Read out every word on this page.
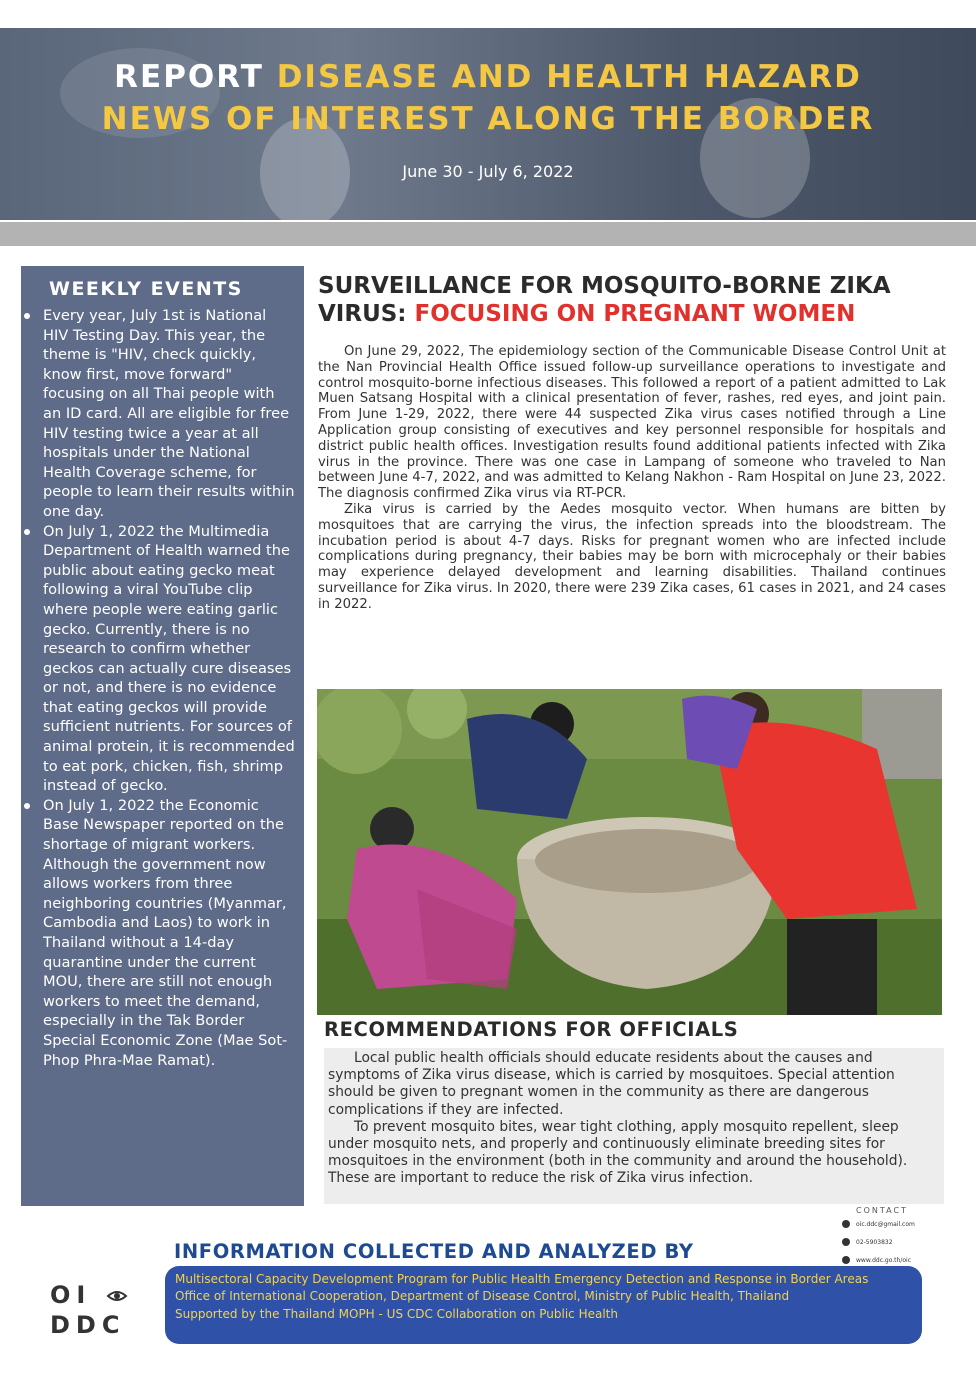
REPORT DISEASE AND HEALTH HAZARD
NEWS OF INTEREST ALONG THE BORDER
June 30 - July 6, 2022
WEEKLY EVENTS
Every year, July 1st is National HIV Testing Day. This year, the theme is "HIV, check quickly, know first, move forward" focusing on all Thai people with an ID card. All are eligible for free HIV testing twice a year at all hospitals under the National Health Coverage scheme, for people to learn their results within one day.
On July 1, 2022 the Multimedia Department of Health warned the public about eating gecko meat following a viral YouTube clip where people were eating garlic gecko. Currently, there is no research to confirm whether geckos can actually cure diseases or not, and there is no evidence that eating geckos will provide sufficient nutrients. For sources of animal protein, it is recommended to eat pork, chicken, fish, shrimp instead of gecko.
On July 1, 2022 the Economic Base Newspaper reported on the shortage of migrant workers. Although the government now allows workers from three neighboring countries (Myanmar, Cambodia and Laos) to work in Thailand without a 14-day quarantine under the current MOU, there are still not enough workers to meet the demand, especially in the Tak Border Special Economic Zone (Mae Sot-Phop Phra-Mae Ramat).
SURVEILLANCE FOR MOSQUITO-BORNE ZIKA VIRUS: FOCUSING ON PREGNANT WOMEN

On June 29, 2022, The epidemiology section of the Communicable Disease Control Unit at the Nan Provincial Health Office issued follow-up surveillance operations to investigate and control mosquito-borne infectious diseases. This followed a report of a patient admitted to Lak Muen Satsang Hospital with a clinical presentation of fever, rashes, red eyes, and joint pain. From June 1-29, 2022, there were 44 suspected Zika virus cases notified through a Line Application group consisting of executives and key personnel responsible for hospitals and district public health offices. Investigation results found additional patients infected with Zika virus in the province. There was one case in Lampang of someone who traveled to Nan between June 4-7, 2022, and was admitted to Kelang Nakhon - Ram Hospital on June 23, 2022. The diagnosis confirmed Zika virus via RT-PCR.

Zika virus is carried by the Aedes mosquito vector. When humans are bitten by mosquitoes that are carrying the virus, the infection spreads into the bloodstream. The incubation period is about 4-7 days. Risks for pregnant women who are infected include complications during pregnancy, their babies may be born with microcephaly or their babies may experience delayed development and learning disabilities. Thailand continues surveillance for Zika virus. In 2020, there were 239 Zika cases, 61 cases in 2021, and 24 cases in 2022.

RECOMMENDATIONS FOR OFFICIALS

Local public health officials should educate residents about the causes and symptoms of Zika virus disease, which is carried by mosquitoes. Special attention should be given to pregnant women in the community as there are dangerous complications if they are infected.

To prevent mosquito bites, wear tight clothing, apply mosquito repellent, sleep under mosquito nets, and properly and continuously eliminate breeding sites for mosquitoes in the environment (both in the community and around the household). These are important to reduce the risk of Zika virus infection.

CONTACT
oic.ddc@gmail.com
02-5903832
www.ddc.go.th/oic
INFORMATION COLLECTED AND ANALYZED BY
OI
DDC
Multisectoral Capacity Development Program for Public Health Emergency Detection and Response in Border Areas
Office of International Cooperation, Department of Disease Control, Ministry of Public Health, Thailand
Supported by the Thailand MOPH - US CDC Collaboration on Public Health
